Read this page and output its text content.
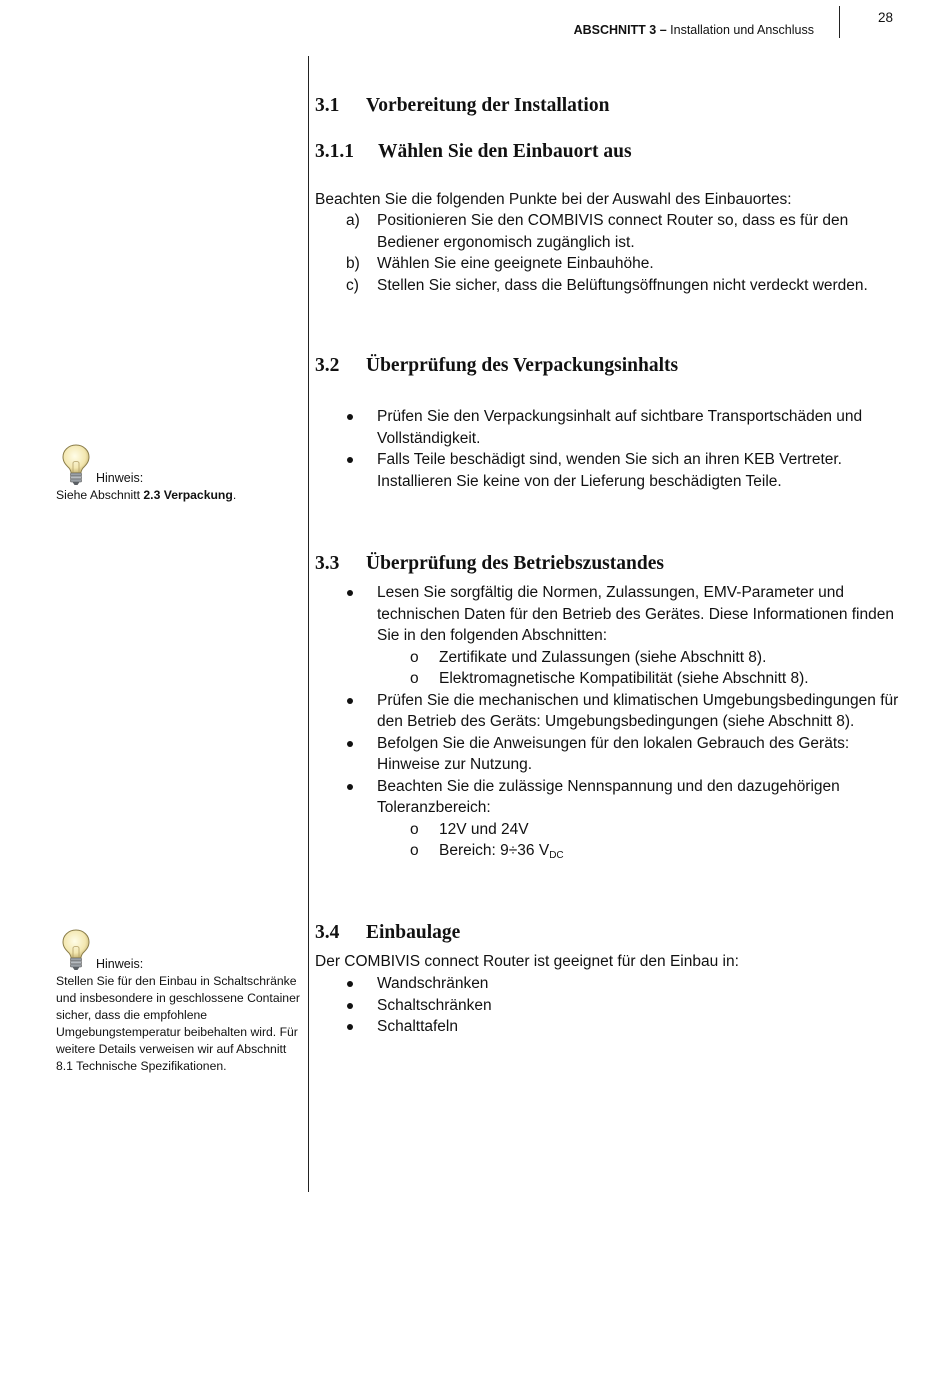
ABSCHNITT 3 – Installation und Anschluss
28
3.1 Vorbereitung der Installation
3.1.1 Wählen Sie den Einbauort aus
Beachten Sie die folgenden Punkte bei der Auswahl des Einbauortes:
a) Positionieren Sie den COMBIVIS connect Router so, dass es für den Bediener ergonomisch zugänglich ist.
b) Wählen Sie eine geeignete Einbauhöhe.
c) Stellen Sie sicher, dass die Belüftungsöffnungen nicht verdeckt werden.
3.2 Überprüfung des Verpackungsinhalts
Prüfen Sie den Verpackungsinhalt auf sichtbare Transportschäden und Vollständigkeit.
Falls Teile beschädigt sind, wenden Sie sich an ihren KEB Vertreter. Installieren Sie keine von der Lieferung beschädigten Teile.
Hinweis:
Siehe Abschnitt 2.3 Verpackung.
3.3 Überprüfung des Betriebszustandes
Lesen Sie sorgfältig die Normen, Zulassungen, EMV-Parameter und technischen Daten für den Betrieb des Gerätes. Diese Informationen finden Sie in den folgenden Abschnitten:
o Zertifikate und Zulassungen (siehe Abschnitt 8).
o Elektromagnetische Kompatibilität (siehe Abschnitt 8).
Prüfen Sie die mechanischen und klimatischen Umgebungsbedingungen für den Betrieb des Geräts: Umgebungsbedingungen (siehe Abschnitt 8).
Befolgen Sie die Anweisungen für den lokalen Gebrauch des Geräts: Hinweise zur Nutzung.
Beachten Sie die zulässige Nennspannung und den dazugehörigen Toleranzbereich:
o 12V und 24V
o Bereich: 9÷36 $V_{DC}$
3.4 Einbaulage
Der COMBIVIS connect Router ist geeignet für den Einbau in:
Wandschränken
Schaltschränken
Schalttafeln
Hinweis:
Stellen Sie für den Einbau in Schaltschränke und insbesondere in geschlossene Container sicher, dass die empfohlene Umgebungstemperatur beibehalten wird. Für weitere Details verweisen wir auf Abschnitt 8.1 Technische Spezifikationen.
